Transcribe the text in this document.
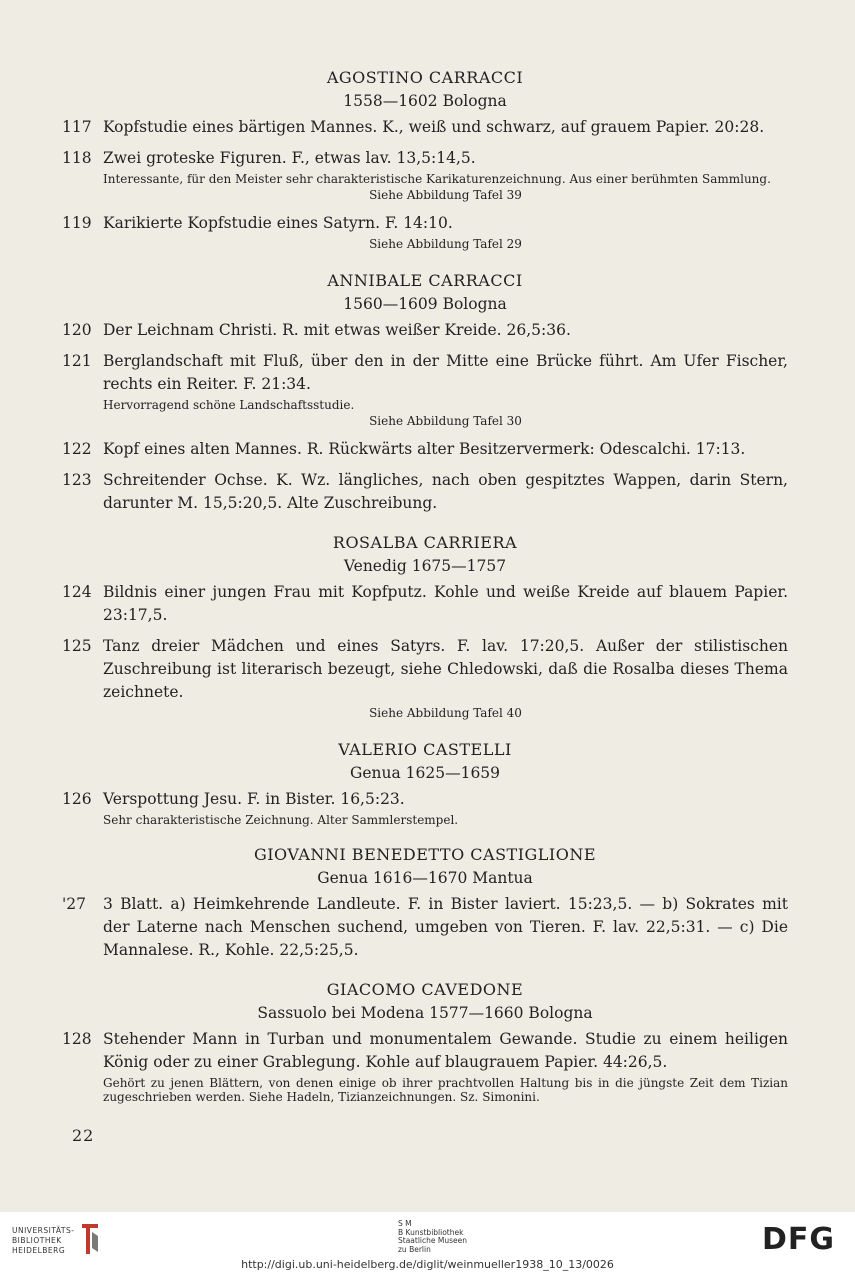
AGOSTINO CARRACCI
1558—1602 Bologna
117 Kopfstudie eines bärtigen Mannes. K., weiß und schwarz, auf grauem Papier. 20:28.
118 Zwei groteske Figuren. F., etwas lav. 13,5:14,5.
Interessante, für den Meister sehr charakteristische Karikaturenzeichnung. Aus einer berühmten Sammlung.
Siehe Abbildung Tafel 39
119 Karikierte Kopfstudie eines Satyrn. F. 14:10.
Siehe Abbildung Tafel 29
ANNIBALE CARRACCI
1560—1609 Bologna
120 Der Leichnam Christi. R. mit etwas weißer Kreide. 26,5:36.
121 Berglandschaft mit Fluß, über den in der Mitte eine Brücke führt. Am Ufer Fischer, rechts ein Reiter. F. 21:34.
Hervorragend schöne Landschaftsstudie.
Siehe Abbildung Tafel 30
122 Kopf eines alten Mannes. R. Rückwärts alter Besitzervermerk: Odescalchi. 17:13.
123 Schreitender Ochse. K. Wz. längliches, nach oben gespitztes Wappen, darin Stern, darunter M. 15,5:20,5. Alte Zuschreibung.
ROSALBA CARRIERA
Venedig 1675—1757
124 Bildnis einer jungen Frau mit Kopfputz. Kohle und weiße Kreide auf blauem Papier. 23:17,5.
125 Tanz dreier Mädchen und eines Satyrs. F. lav. 17:20,5. Außer der stilistischen Zuschreibung ist literarisch bezeugt, siehe Chledowski, daß die Rosalba dieses Thema zeichnete.
Siehe Abbildung Tafel 40
VALERIO CASTELLI
Genua 1625—1659
126 Verspottung Jesu. F. in Bister. 16,5:23.
Sehr charakteristische Zeichnung. Alter Sammlerstempel.
GIOVANNI BENEDETTO CASTIGLIONE
Genua 1616—1670 Mantua
'27	3 Blatt. a) Heimkehrende Landleute. F. in Bister laviert. 15:23,5. — b) Sokrates mit der Laterne nach Menschen suchend, umgeben von Tieren. F. lav. 22,5:31. — c) Die Mannalese. R., Kohle. 22,5:25,5.
GIACOMO CAVEDONE
Sassuolo bei Modena 1577—1660 Bologna
128 Stehender Mann in Turban und monumentalem Gewande. Studie zu einem heiligen König oder zu einer Grablegung. Kohle auf blaugrauem Papier. 44:26,5.
Gehört zu jenen Blättern, von denen einige ob ihrer prachtvollen Haltung bis in die jüngste Zeit dem Tizian zugeschrieben werden. Siehe Hadeln, Tizianzeichnungen. Sz. Simonini.
22
UNIVERSITÄTS-
BIBLIOTHEK
HEIDELBERG
S M
B Kunstbibliothek
Staatliche Museen
zu Berlin	DFG
http://digi.ub.uni-heidelberg.de/diglit/weinmueller1938_10_13/0026
